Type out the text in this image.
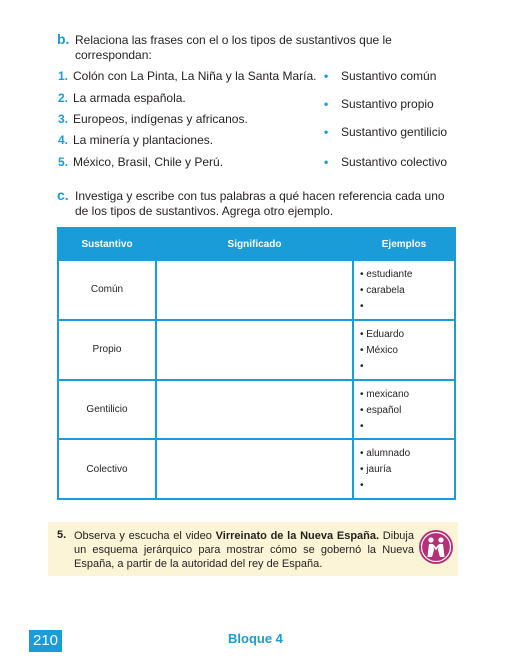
b. Relaciona las frases con el o los tipos de sustantivos que le
correspondan:
1. Colón con La Pinta, La Niña y la Santa María.
2. La armada española.
3. Europeos, indígenas y africanos.
4. La minería y plantaciones.
5. México, Brasil, Chile y Perú.
• Sustantivo común
• Sustantivo propio
• Sustantivo gentilicio
• Sustantivo colectivo
c. Investiga y escribe con tus palabras a qué hacen referencia cada uno
de los tipos de sustantivos. Agrega otro ejemplo.
Sustantivo	Significado	Ejemplos
Común		• estudiante
• carabela
•

Propio		• Eduardo
• México
•

Gentilicio		• mexicano
• español
•

Colectivo		• alumnado
• jauría
•
5. Observa y escucha el video Virreinato de la Nueva España. Dibuja un esquema jerárquico para mostrar cómo se gobernó la Nueva España, a partir de la autoridad del rey de España.
210	Bloque 4
